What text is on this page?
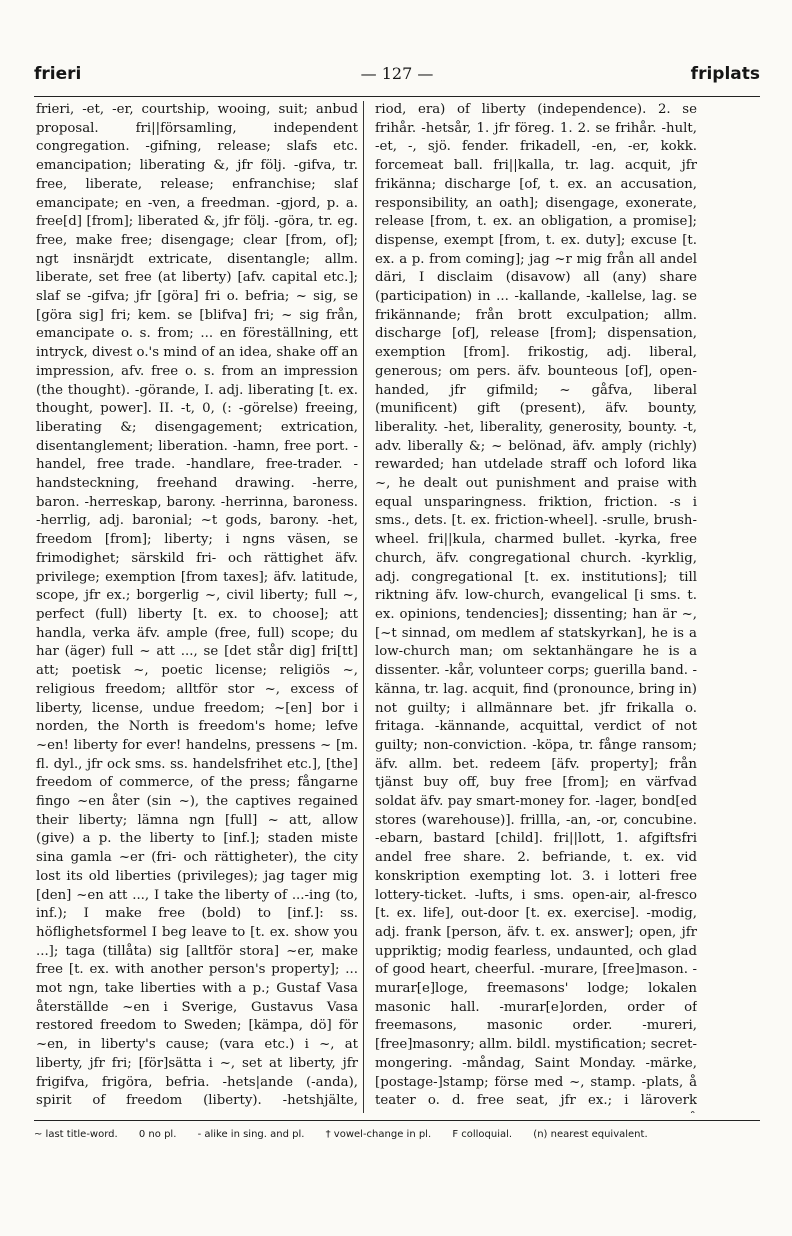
frieri	— 127 —	friplats

frieri, -et, -er, courtship, wooing, suit; anbud proposal. fri||församling, independent congregation. -gifning, release; slafs etc. emancipation; liberating &, jfr följ. -gifva, tr. free, liberate, release; enfranchise; slaf emancipate; en -ven, a freedman. -gjord, p. a. free[d] [from]; liberated &, jfr följ. -göra, tr. eg. free, make free; disengage; clear [from, of]; ngt insnärjdt extricate, disentangle; allm. liberate, set free (at liberty) [afv. capital etc.]; slaf se -gifva; jfr [göra] fri o. befria; ~ sig, se [göra sig] fri; kem. se [blifva] fri; ~ sig från, emancipate o. s. from; ... en föreställning, ett intryck, divest o.'s mind of an idea, shake off an impression, afv. free o. s. from an impression (the thought). -görande, I. adj. liberating [t. ex. thought, power]. II. -t, 0, (: -görelse) freeing, liberating &; disengagement; extrication, disentanglement; liberation. -hamn, free port. -handel, free trade. -handlare, free-trader. -handsteckning, freehand drawing. -herre, baron. -herreskap, barony. -herrinna, baroness. -herrlig, adj. baronial; ~t gods, barony. -het, freedom [from]; liberty; i ngns väsen, se frimodighet; särskild fri- och rättighet äfv. privilege; exemption [from taxes]; äfv. latitude, scope, jfr ex.; borgerlig ~, civil liberty; full ~, perfect (full) liberty [t. ex. to choose]; att handla, verka äfv. ample (free, full) scope; du har (äger) full ~ att ..., se [det står dig] fri[tt] att; poetisk ~, poetic license; religiös ~, religious freedom; alltför stor ~, excess of liberty, license, undue freedom; ~[en] bor i norden, the North is freedom's home; lefve ~en! liberty for ever! handelns, pressens ~ [m. fl. dyl., jfr ock sms. ss. handelsfrihet etc.], [the] freedom of commerce, of the press; fångarne fingo ~en åter (sin ~), the captives regained their liberty; lämna ngn [full] ~ att, allow (give) a p. the liberty to [inf.]; staden miste sina gamla ~er (fri- och rättigheter), the city lost its old liberties (privileges); jag tager mig [den] ~en att ..., I take the liberty of ...-ing (to, inf.); I make free (bold) to [inf.]: ss. höflighetsformel I beg leave to [t. ex. show you ...]; taga (tillåta) sig [alltför stora] ~er, make free [t. ex. with another person's property]; ... mot ngn, take liberties with a p.; Gustaf Vasa återställde ~en i Sverige, Gustavus Vasa restored freedom to Sweden; [kämpa, dö] för ~en, in liberty's cause; (vara etc.) i ~, at liberty, jfr fri; [för]sätta i ~, set at liberty, jfr frigifva, frigöra, befria. -hets|ande (-anda), spirit of freedom (liberty). -hetshjälte,

riod, era) of liberty (independence). 2. se frihår. -hetsår, 1. jfr föreg. 1. 2. se frihår. -hult, -et, -, sjö. fender. frikadell, -en, -er, kokk. forcemeat ball. fri||kalla, tr. lag. acquit, jfr frikänna; discharge [of, t. ex. an accusation, responsibility, an oath]; disengage, exonerate, release [from, t. ex. an obligation, a promise]; dispense, exempt [from, t. ex. duty]; excuse [t. ex. a p. from coming]; jag ~r mig från all andel däri, I disclaim (disavow) all (any) share (participation) in ... -kallande, -kallelse, lag. se frikännande; från brott exculpation; allm. discharge [of], release [from]; dispensation, exemption [from]. frikostig, adj. liberal, generous; om pers. äfv. bounteous [of], open-handed, jfr gifmild; ~ gåfva, liberal (munificent) gift (present), äfv. bounty, liberality. -het, liberality, generosity, bounty. -t, adv. liberally &; ~ belönad, äfv. amply (richly) rewarded; han utdelade straff och loford lika ~, he dealt out punishment and praise with equal unsparingness. friktion, friction. -s i sms., dets. [t. ex. friction-wheel]. -srulle, brush-wheel. fri||kula, charmed bullet. -kyrka, free church, äfv. congregational church. -kyrklig, adj. congregational [t. ex. institutions]; till riktning äfv. low-church, evangelical [i sms. t. ex. opinions, tendencies]; dissenting; han är ~, [~t sinnad, om medlem af statskyrkan], he is a low-church man; om sektanhängare he is a dissenter. -kår, volunteer corps; guerilla band. -känna, tr. lag. acquit, find (pronounce, bring in) not guilty; i allmännare bet. jfr frikalla o. fritaga. -kännande, acquittal, verdict of not guilty; non-conviction. -köpa, tr. fånge ransom; äfv. allm. bet. redeem [äfv. property]; från tjänst buy off, buy free [from]; en värfvad soldat äfv. pay smart-money for. -lager, bond[ed stores (warehouse)]. frillla, -an, -or, concubine. -ebarn, bastard [child]. fri||lott, 1. afgiftsfri andel free share. 2. befriande, t. ex. vid konskription exempting lot. 3. i lotteri free lottery-ticket. -lufts, i sms. open-air, al-fresco [t. ex. life], out-door [t. ex. exercise]. -modig, adj. frank [person, äfv. t. ex. answer]; open, jfr uppriktig; modig fearless, undaunted, och glad of good heart, cheerful. -murare, [free]mason. -murar[e]loge, freemasons' lodge; lokalen masonic hall. -murar[e]orden, order of freemasons, masonic order. -mureri, [free]masonry; allm. bildl. mystification; secret-mongering. -måndag, Saint Monday. -märke, [postage-]stamp; förse med ~, stamp. -plats, å teater o. d. free seat, jfr ex.; i läroverk

~ last title-word. 0 no pl. - alike in sing. and pl. † vowel-change in pl. F colloquial. (n) nearest equivalent.
